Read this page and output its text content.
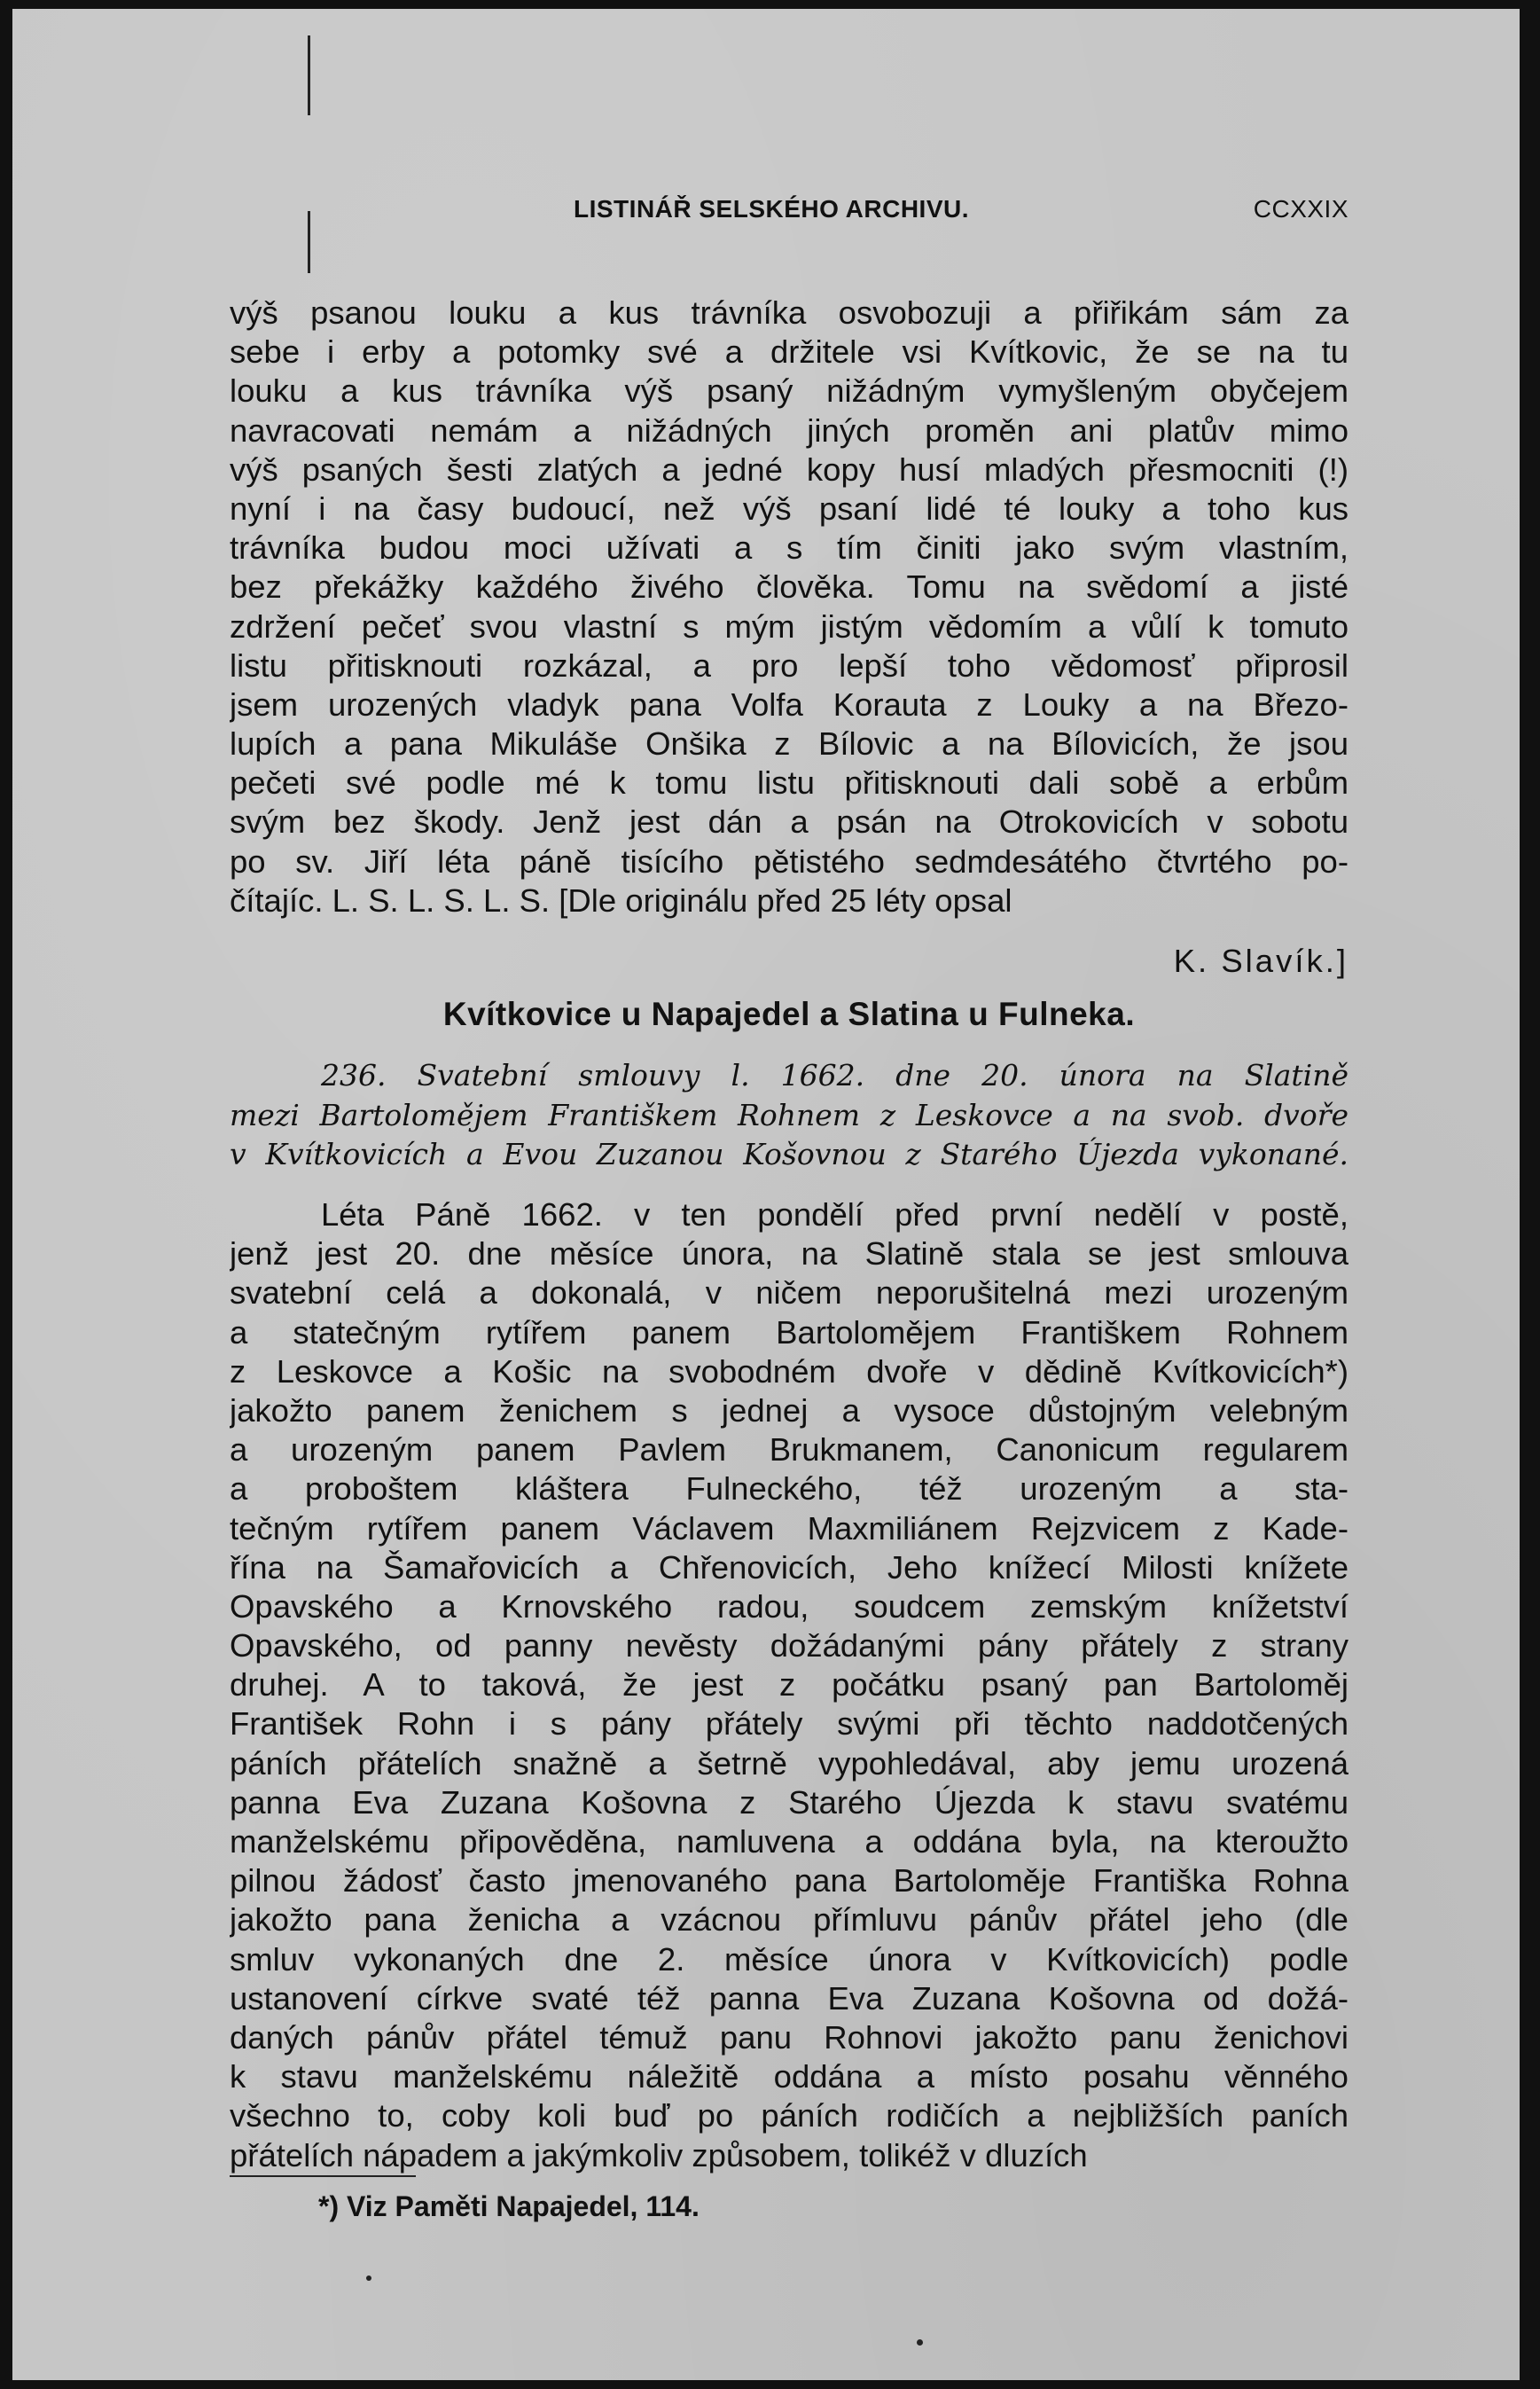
LISTINÁŘ SELSKÉHO ARCHIVU.	CCXXIX
výš psanou louku a kus trávníka osvobozuji a přiřikám sám za
sebe i erby a potomky své a držitele vsi Kvítkovic, že se na tu
louku a kus trávníka výš psaný nižádným vymyšleným obyčejem
navracovati nemám a nižádných jiných proměn ani platův mimo
výš psaných šesti zlatých a jedné kopy husí mladých přesmocniti (!)
nyní i na časy budoucí, než výš psaní lidé té louky a toho kus
trávníka budou moci užívati a s tím činiti jako svým vlastním,
bez překážky každého živého člověka. Tomu na svědomí a jisté
zdržení pečeť svou vlastní s mým jistým vědomím a vůlí k tomuto
listu přitisknouti rozkázal, a pro lepší toho vědomosť připrosil
jsem urozených vladyk pana Volfa Korauta z Louky a na Březo-
lupích a pana Mikuláše Onšika z Bílovic a na Bílovicích, že jsou
pečeti své podle mé k tomu listu přitisknouti dali sobě a erbům
svým bez škody. Jenž jest dán a psán na Otrokovicích v sobotu
po sv. Jiří léta páně tisícího pětistého sedmdesátého čtvrtého po-
čítajíc. L. S. L. S. L. S. [Dle originálu před 25 léty opsal
K. Slavík.]
Kvítkovice u Napajedel a Slatina u Fulneka.
236. Svatební smlouvy l. 1662. dne 20. února na Slatině
mezi Bartolomějem Františkem Rohnem z Leskovce a na svob. dvoře
v Kvítkovicích a Evou Zuzanou Košovnou z Starého Újezda vykonané.
Léta Páně 1662. v ten pondělí před první nedělí v postě,
jenž jest 20. dne měsíce února, na Slatině stala se jest smlouva
svatební celá a dokonalá, v ničem neporušitelná mezi urozeným
a statečným rytířem panem Bartolomějem Františkem Rohnem
z Leskovce a Košic na svobodném dvoře v dědině Kvítkovicích*)
jakožto panem ženichem s jednej a vysoce důstojným velebným
a urozeným panem Pavlem Brukmanem, Canonicum regularem
a proboštem kláštera Fulneckého, též urozeným a sta-
tečným rytířem panem Václavem Maxmiliánem Rejzvicem z Kade-
řína na Šamařovicích a Chřenovicích, Jeho knížecí Milosti knížete
Opavského a Krnovského radou, soudcem zemským knížetství
Opavského, od panny nevěsty dožádanými pány přátely z strany
druhej. A to taková, že jest z počátku psaný pan Bartoloměj
František Rohn i s pány přátely svými při těchto naddotčených
páních přátelích snažně a šetrně vypohledával, aby jemu urozená
panna Eva Zuzana Košovna z Starého Újezda k stavu svatému
manželskému připověděna, namluvena a oddána byla, na kteroužto
pilnou žádosť často jmenovaného pana Bartoloměje Františka Rohna
jakožto pana ženicha a vzácnou přímluvu pánův přátel jeho (dle
smluv vykonaných dne 2. měsíce února v Kvítkovicích) podle
ustanovení církve svaté též panna Eva Zuzana Košovna od dožá-
daných pánův přátel témuž panu Rohnovi jakožto panu ženichovi
k stavu manželskému náležitě oddána a místo posahu věnného
všechno to, coby koli buď po páních rodičích a nejbližších paních
přátelích nápadem a jakýmkoliv způsobem, tolikéž v dluzích
*) Viz Paměti Napajedel, 114.
